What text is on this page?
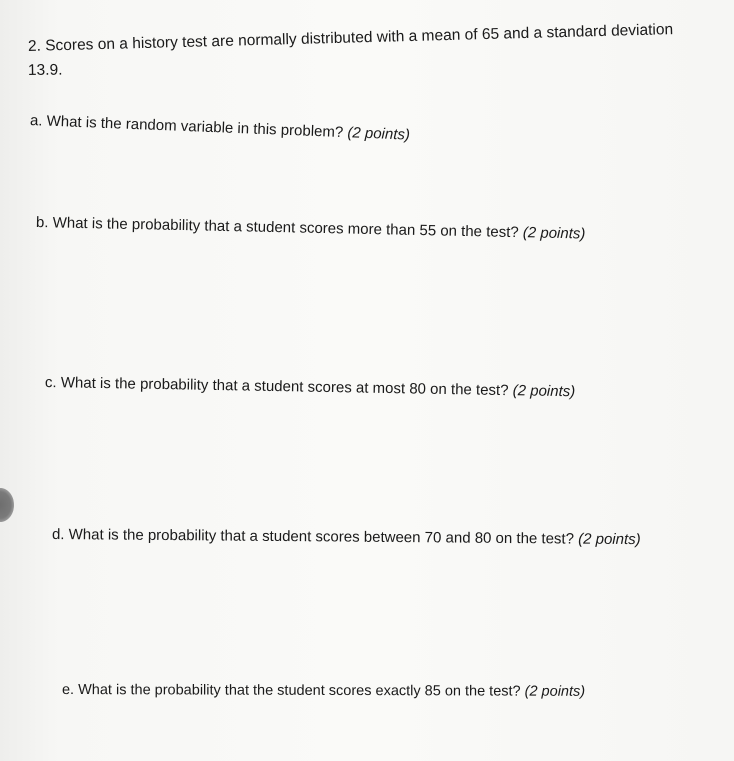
2. Scores on a history test are normally distributed with a mean of 65 and a standard deviation
13.9.
a. What is the random variable in this problem? (2 points)
b. What is the probability that a student scores more than 55 on the test? (2 points)
c. What is the probability that a student scores at most 80 on the test? (2 points)
d. What is the probability that a student scores between 70 and 80 on the test? (2 points)
e. What is the probability that the student scores exactly 85 on the test? (2 points)
